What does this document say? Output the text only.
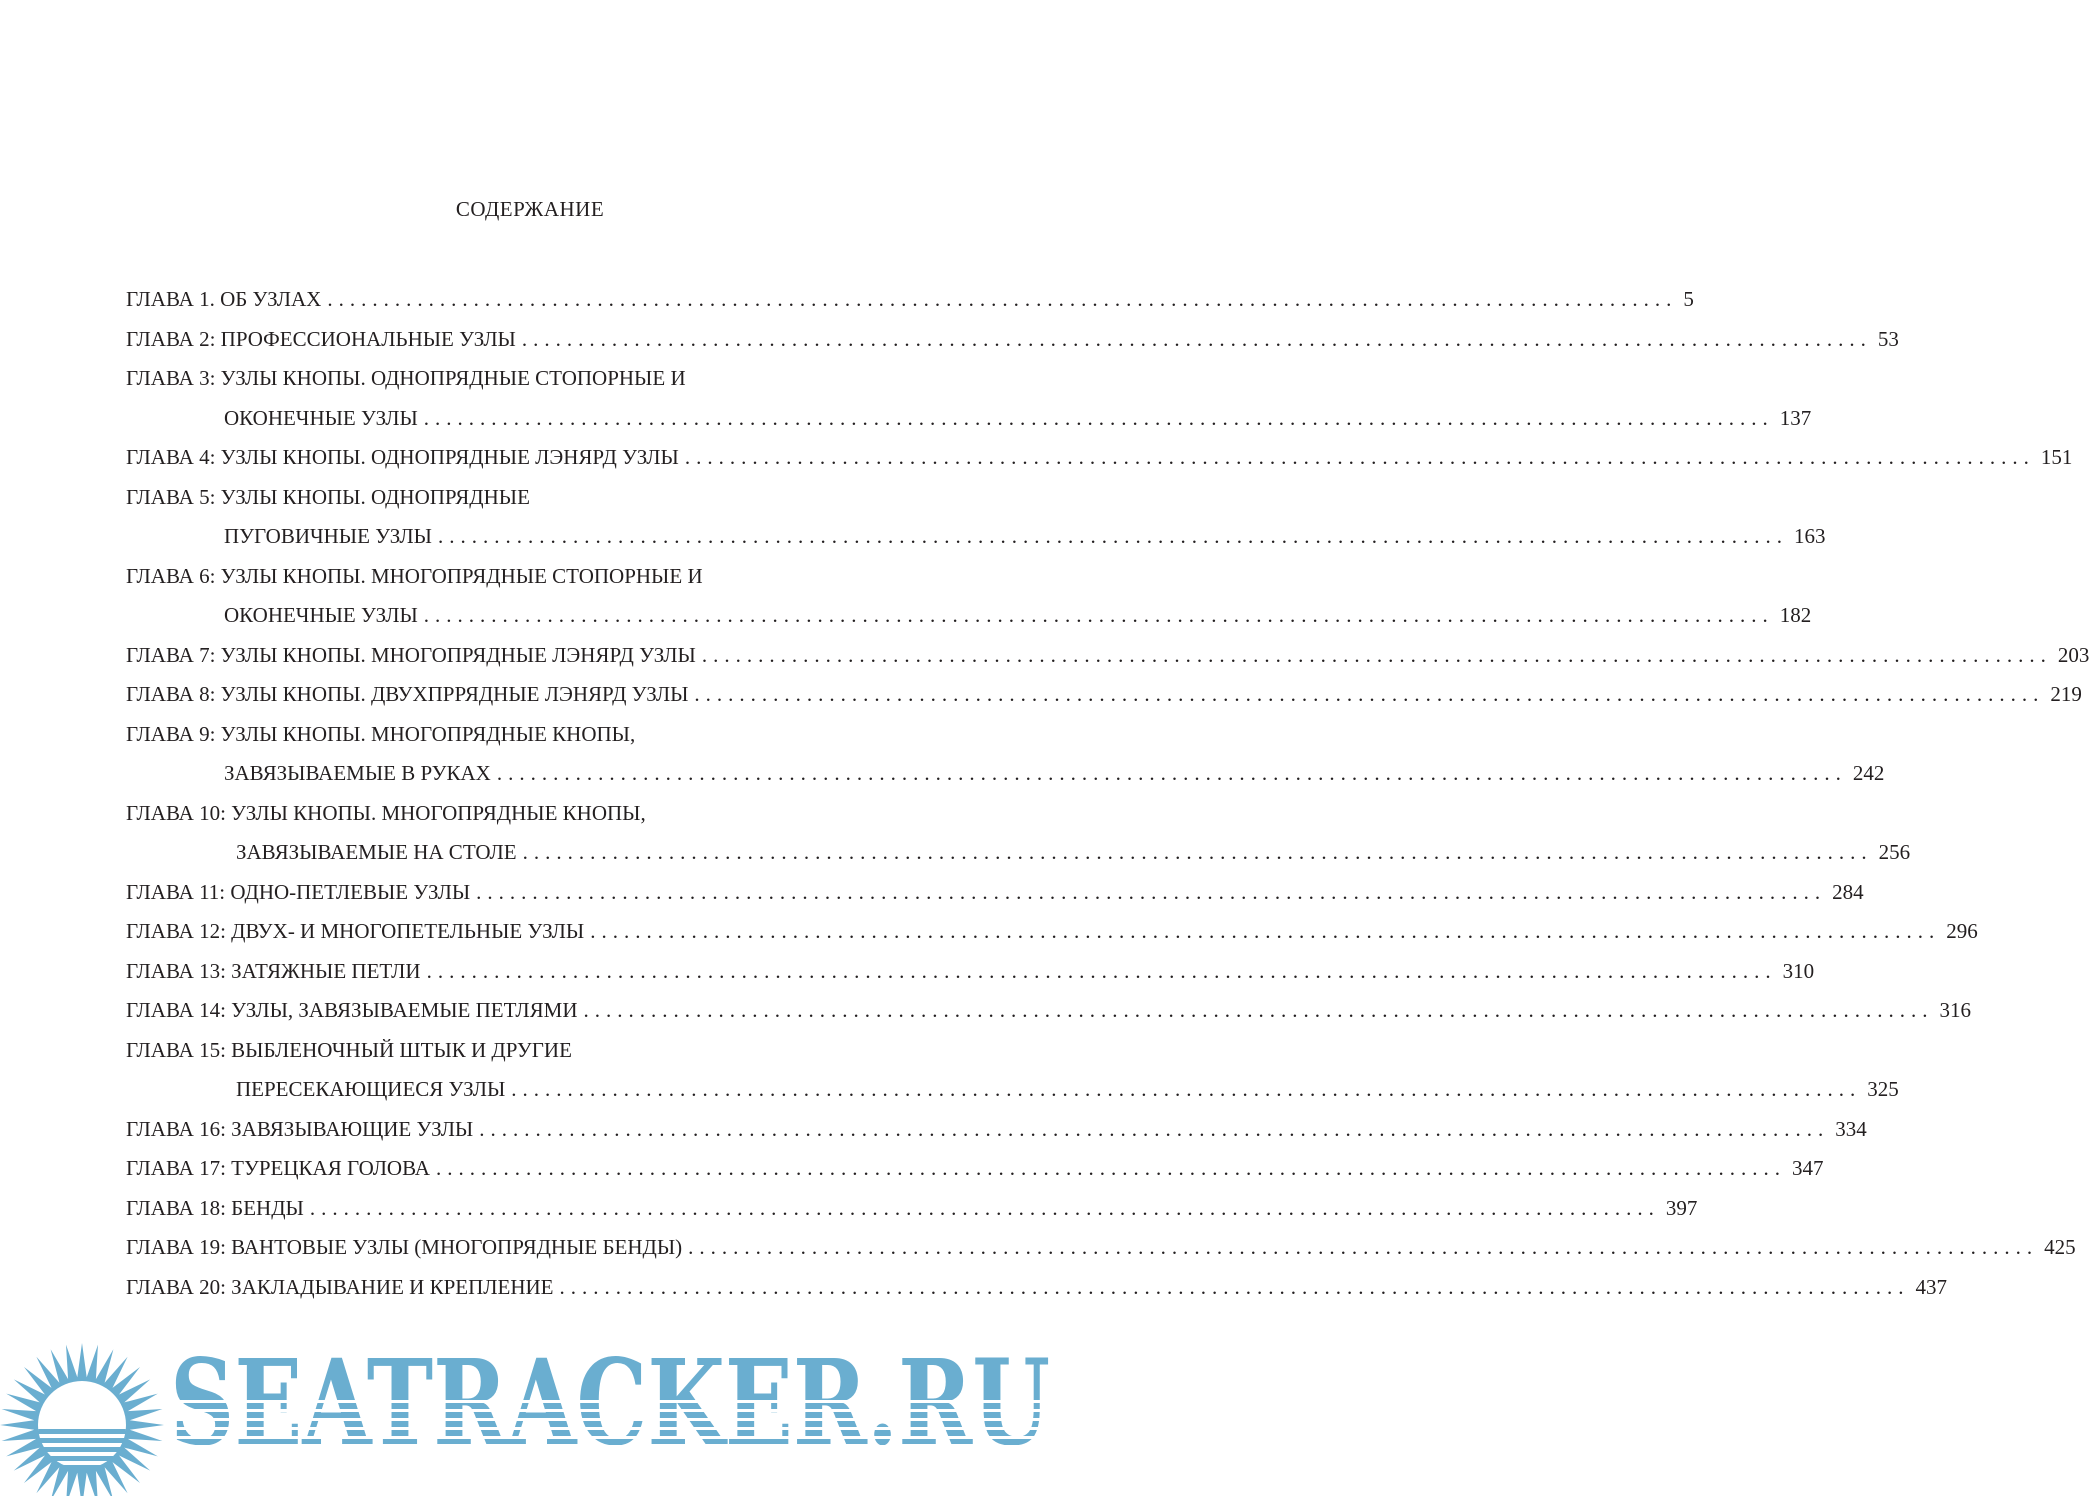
СОДЕРЖАНИЕ
ГЛАВА 1. ОБ УЗЛАХ ........................................................................................................................ 5
ГЛАВА 2: ПРОФЕССИОНАЛЬНЫЕ УЗЛЫ ........................................................................................................................ 53
ГЛАВА 3: УЗЛЫ КНОПЫ. ОДНОПРЯДНЫЕ СТОПОРНЫЕ И
ОКОНЕЧНЫЕ УЗЛЫ ........................................................................................................................ 137
ГЛАВА 4: УЗЛЫ КНОПЫ. ОДНОПРЯДНЫЕ ЛЭНЯРД УЗЛЫ ........................................................................................................................ 151
ГЛАВА 5: УЗЛЫ КНОПЫ. ОДНОПРЯДНЫЕ
ПУГОВИЧНЫЕ УЗЛЫ ........................................................................................................................ 163
ГЛАВА 6: УЗЛЫ КНОПЫ. МНОГОПРЯДНЫЕ СТОПОРНЫЕ И
ОКОНЕЧНЫЕ УЗЛЫ ........................................................................................................................ 182
ГЛАВА 7: УЗЛЫ КНОПЫ. МНОГОПРЯДНЫЕ ЛЭНЯРД УЗЛЫ ........................................................................................................................ 203
ГЛАВА 8: УЗЛЫ КНОПЫ. ДВУХПРРЯДНЫЕ ЛЭНЯРД УЗЛЫ ........................................................................................................................ 219
ГЛАВА 9: УЗЛЫ КНОПЫ. МНОГОПРЯДНЫЕ КНОПЫ,
ЗАВЯЗЫВАЕМЫЕ В РУКАХ ........................................................................................................................ 242
ГЛАВА 10: УЗЛЫ КНОПЫ. МНОГОПРЯДНЫЕ КНОПЫ,
ЗАВЯЗЫВАЕМЫЕ НА СТОЛЕ ........................................................................................................................ 256
ГЛАВА 11: ОДНО-ПЕТЛЕВЫЕ УЗЛЫ ........................................................................................................................ 284
ГЛАВА 12: ДВУХ- И МНОГОПЕТЕЛЬНЫЕ УЗЛЫ ........................................................................................................................ 296
ГЛАВА 13: ЗАТЯЖНЫЕ ПЕТЛИ ........................................................................................................................ 310
ГЛАВА 14: УЗЛЫ, ЗАВЯЗЫВАЕМЫЕ ПЕТЛЯМИ ........................................................................................................................ 316
ГЛАВА 15: ВЫБЛЕНОЧНЫЙ ШТЫК И ДРУГИЕ
ПЕРЕСЕКАЮЩИЕСЯ УЗЛЫ ........................................................................................................................ 325
ГЛАВА 16: ЗАВЯЗЫВАЮЩИЕ УЗЛЫ ........................................................................................................................ 334
ГЛАВА 17: ТУРЕЦКАЯ ГОЛОВА ........................................................................................................................ 347
ГЛАВА 18: БЕНДЫ ........................................................................................................................ 397
ГЛАВА 19: ВАНТОВЫЕ УЗЛЫ (МНОГОПРЯДНЫЕ БЕНДЫ) ........................................................................................................................ 425
ГЛАВА 20: ЗАКЛАДЫВАНИЕ И КРЕПЛЕНИЕ ........................................................................................................................ 437
